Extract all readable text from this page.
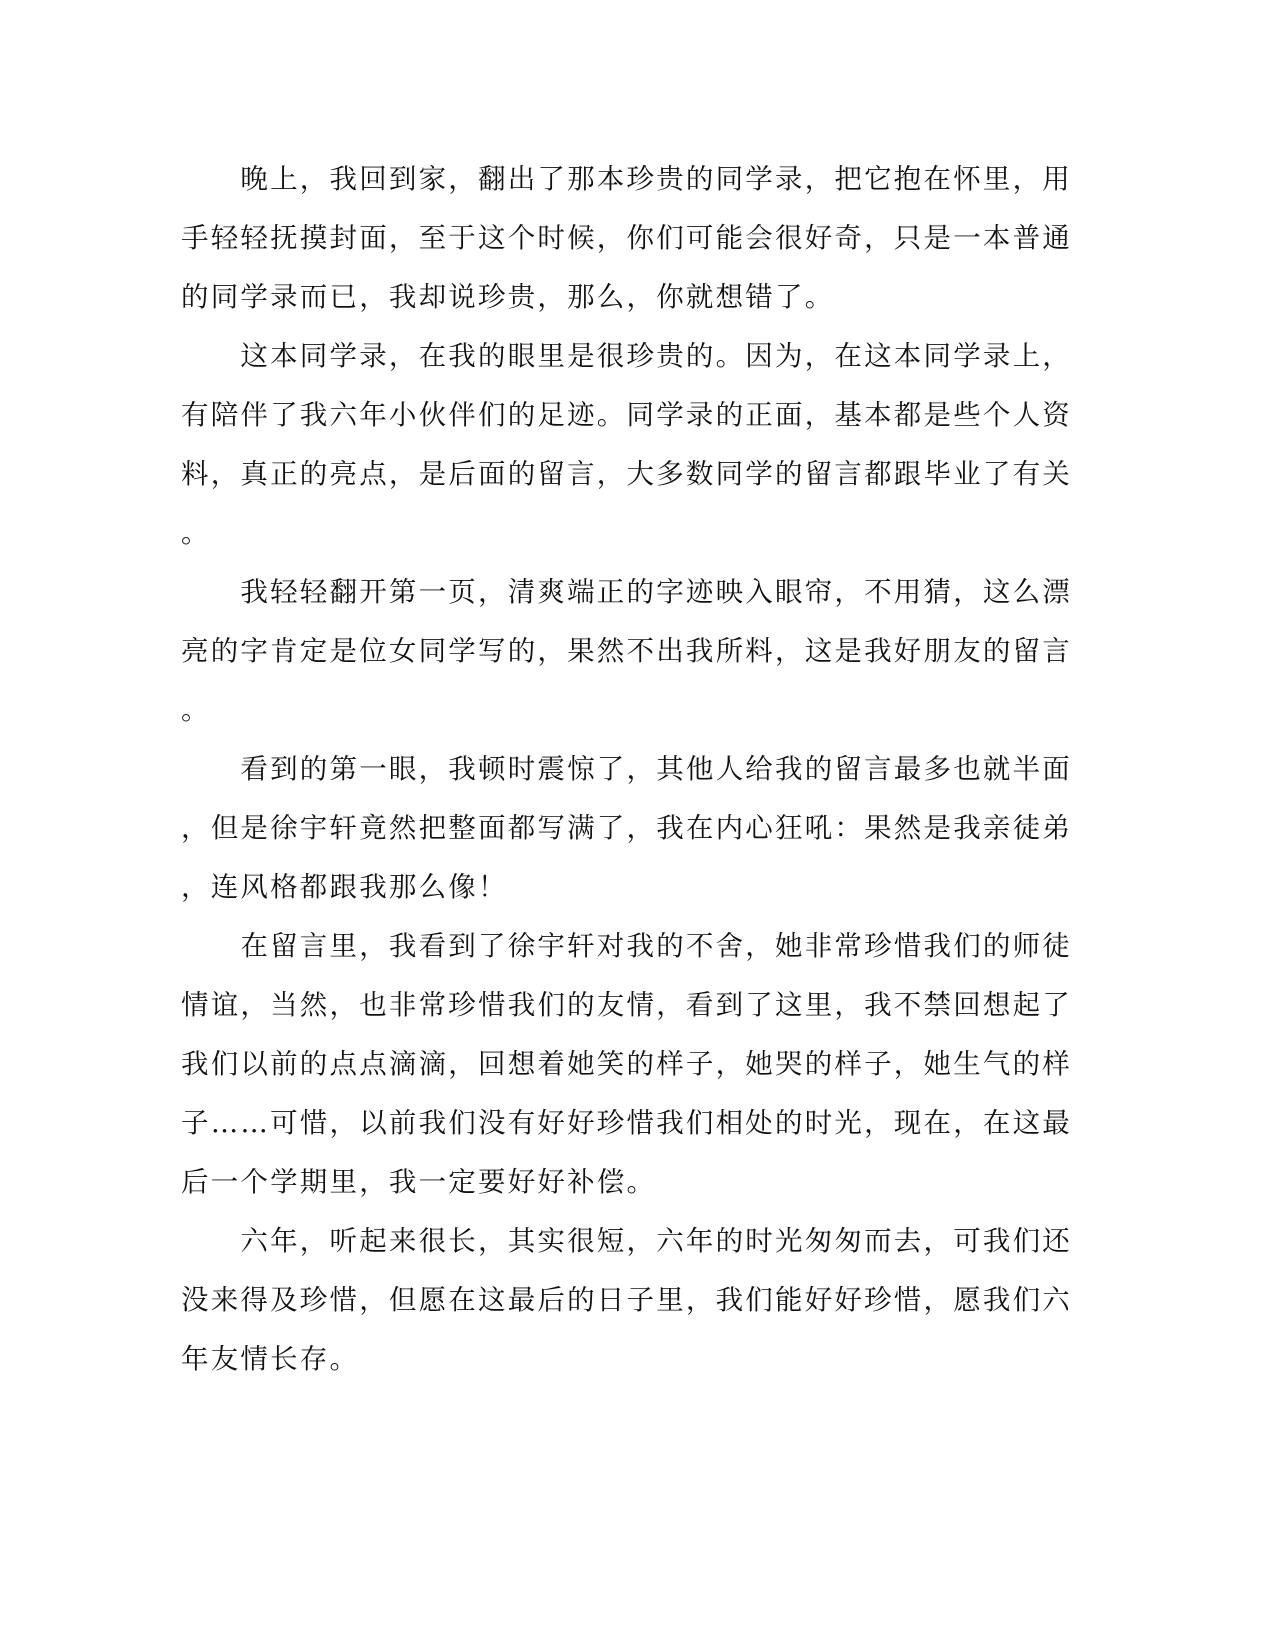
　　晚上，我回到家，翻出了那本珍贵的同学录，把它抱在怀里，用
手轻轻抚摸封面，至于这个时候，你们可能会很好奇，只是一本普通
的同学录而已，我却说珍贵，那么，你就想错了。
　　这本同学录，在我的眼里是很珍贵的。因为，在这本同学录上，
有陪伴了我六年小伙伴们的足迹。同学录的正面，基本都是些个人资
料，真正的亮点，是后面的留言，大多数同学的留言都跟毕业了有关
。
　　我轻轻翻开第一页，清爽端正的字迹映入眼帘，不用猜，这么漂
亮的字肯定是位女同学写的，果然不出我所料，这是我好朋友的留言
。
　　看到的第一眼，我顿时震惊了，其他人给我的留言最多也就半面
，但是徐宇轩竟然把整面都写满了，我在内心狂吼：果然是我亲徒弟
，连风格都跟我那么像！
　　在留言里，我看到了徐宇轩对我的不舍，她非常珍惜我们的师徒
情谊，当然，也非常珍惜我们的友情，看到了这里，我不禁回想起了
我们以前的点点滴滴，回想着她笑的样子，她哭的样子，她生气的样
子……可惜，以前我们没有好好珍惜我们相处的时光，现在，在这最
后一个学期里，我一定要好好补偿。
　　六年，听起来很长，其实很短，六年的时光匆匆而去，可我们还
没来得及珍惜，但愿在这最后的日子里，我们能好好珍惜，愿我们六
年友情长存。
